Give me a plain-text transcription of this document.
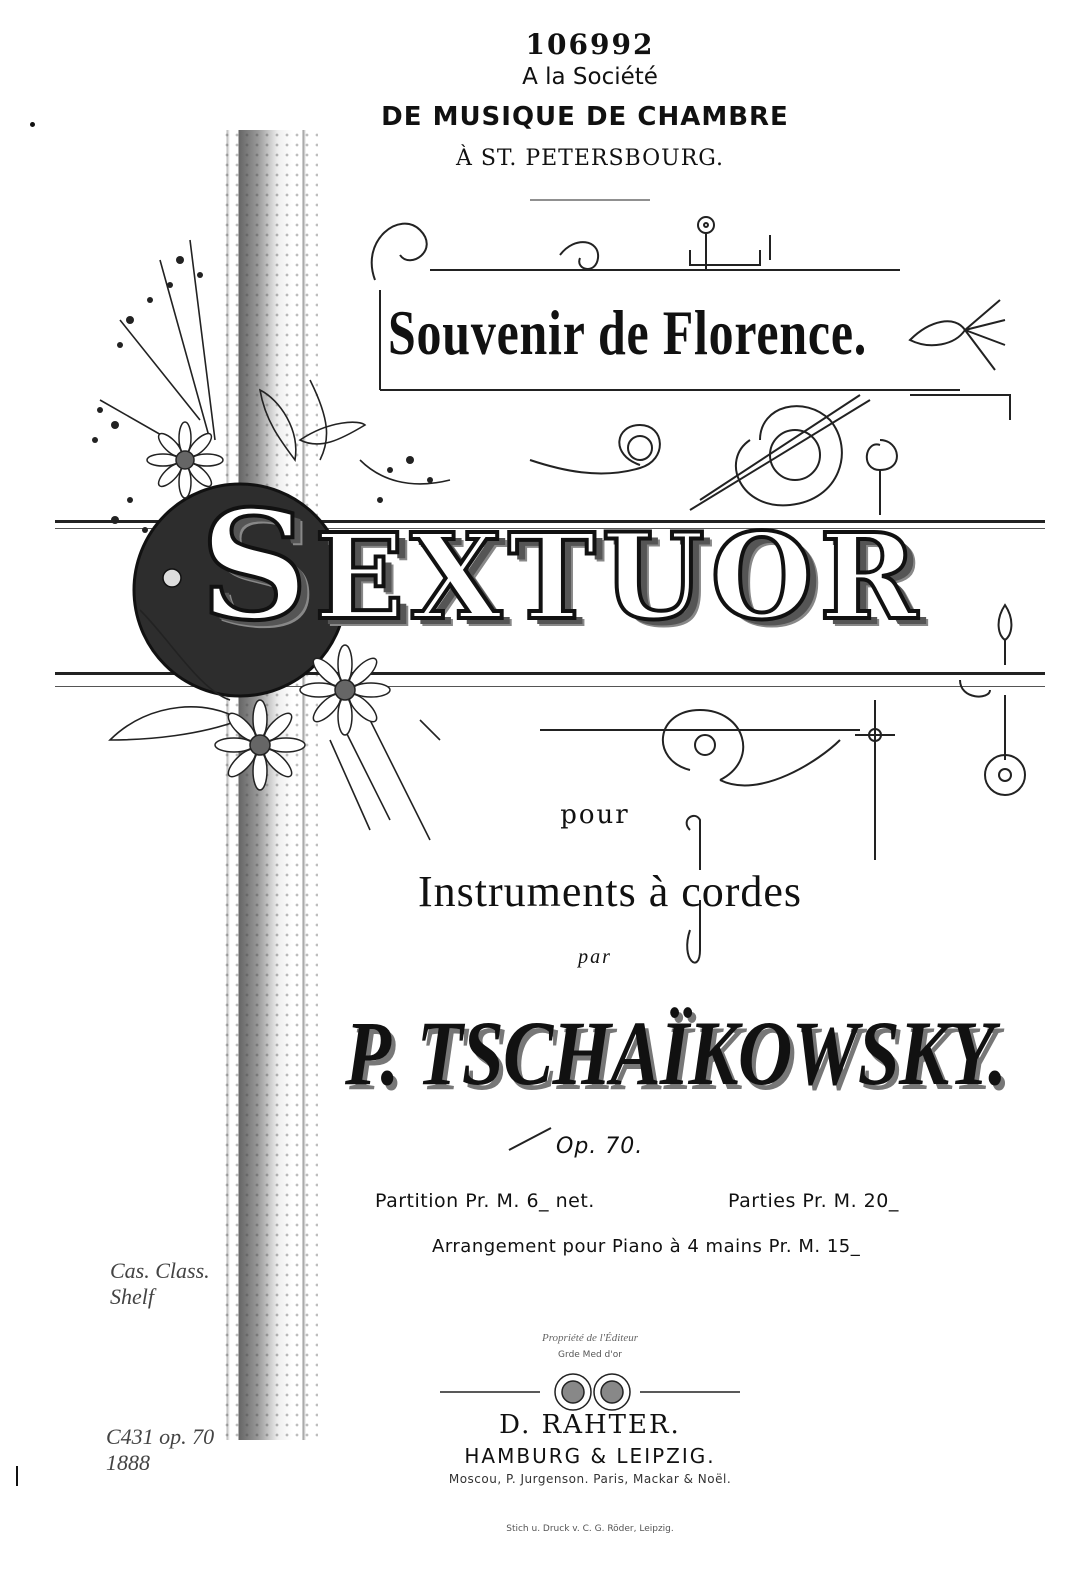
106992
A la Société
DE MUSIQUE DE CHAMBRE
À ST. PETERSBOURG.
Souvenir de Florence.
SEXTUOR
pour
Instruments à cordes
par
P. TSCHAÏKOWSKY.
Op. 70.
Partition Pr. M. 6_ net.	Parties Pr. M. 20_
Arrangement pour Piano à 4 mains Pr. M. 15_
Propriété de l'Éditeur
Grde Med d'or
D. RAHTER.
HAMBURG & LEIPZIG.
Moscou, P. Jurgenson. Paris, Mackar & Noël.
Stich u. Druck v. C. G. Röder, Leipzig.
Cas. Class. Shelf
C431 op. 70 1888
